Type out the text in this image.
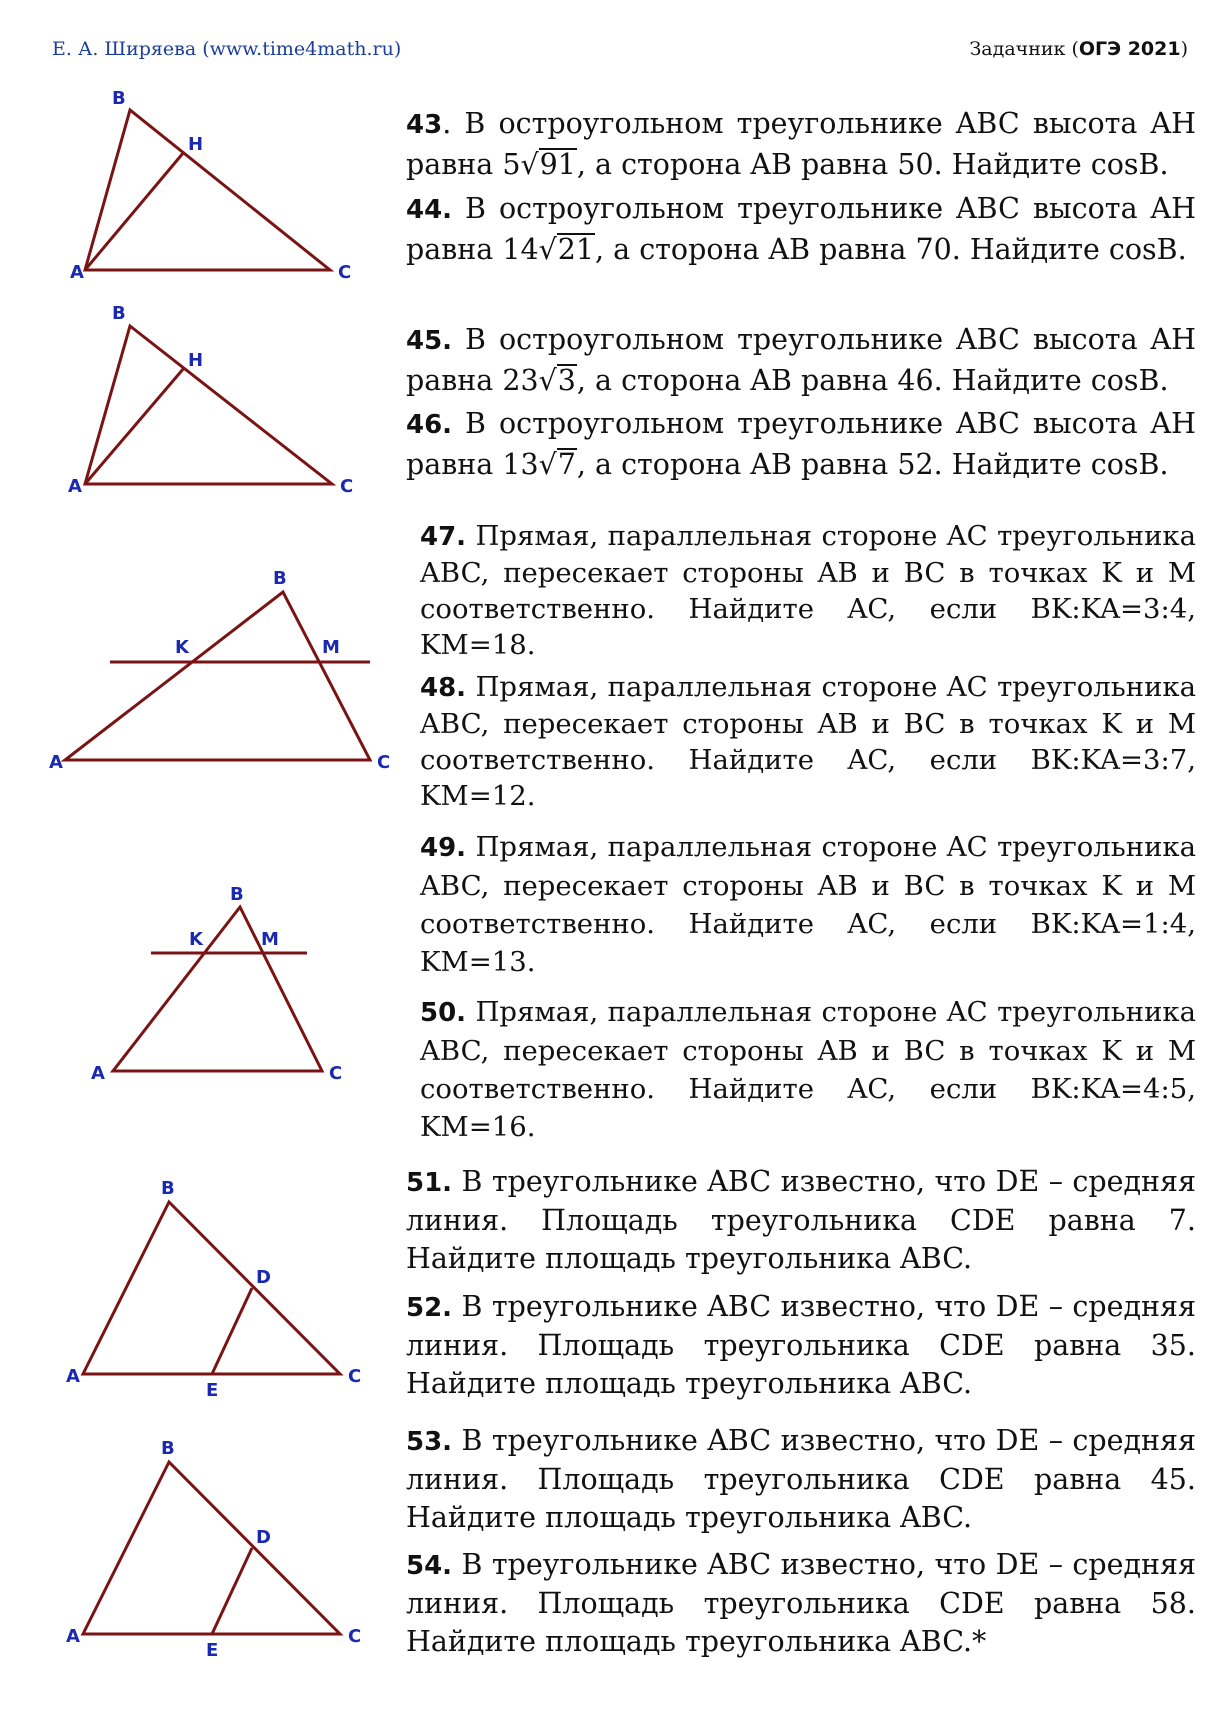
Е. А. Ширяева (www.time4math.ru)	Задачник (ОГЭ 2021)
B
H
A	C
B
H
A	C
B
K	M
A	C
B
K	M
A	C
B
D
A
E
C
B
D
A
E
C
43. В остроугольном треугольнике ABC высота AH равна 5√91, а сторона AB равна 50. Найдите cosB.
44. В остроугольном треугольнике ABC высота AH равна 14√21, а сторона AB равна 70. Найдите cosB.
45. В остроугольном треугольнике ABC высота AH равна 23√3, а сторона AB равна 46. Найдите cosB.
46. В остроугольном треугольнике ABC высота AH равна 13√7, а сторона AB равна 52. Найдите cosB.
47. Прямая, параллельная стороне AC треугольника ABC, пересекает стороны AB и BC в точках K и M соответственно. Найдите AC, если BK:KA=3:4, KM=18.
48. Прямая, параллельная стороне AC треугольника ABC, пересекает стороны AB и BC в точках K и M соответственно. Найдите AC, если BK:KA=3:7, KM=12.
49. Прямая, параллельная стороне AC треугольника ABC, пересекает стороны AB и BC в точках K и M соответственно. Найдите AC, если BK:KA=1:4, KM=13.
50. Прямая, параллельная стороне AC треугольника ABC, пересекает стороны AB и BC в точках K и M соответственно. Найдите AC, если BK:KA=4:5, KM=16.
51. В треугольнике ABC известно, что DE – средняя линия. Площадь треугольника CDE равна 7. Найдите площадь треугольника ABC.
52. В треугольнике ABC известно, что DE – средняя линия. Площадь треугольника CDE равна 35. Найдите площадь треугольника ABC.
53. В треугольнике ABC известно, что DE – средняя линия. Площадь треугольника CDE равна 45. Найдите площадь треугольника ABC.
54. В треугольнике ABC известно, что DE – средняя линия. Площадь треугольника CDE равна 58. Найдите площадь треугольника ABC.*
